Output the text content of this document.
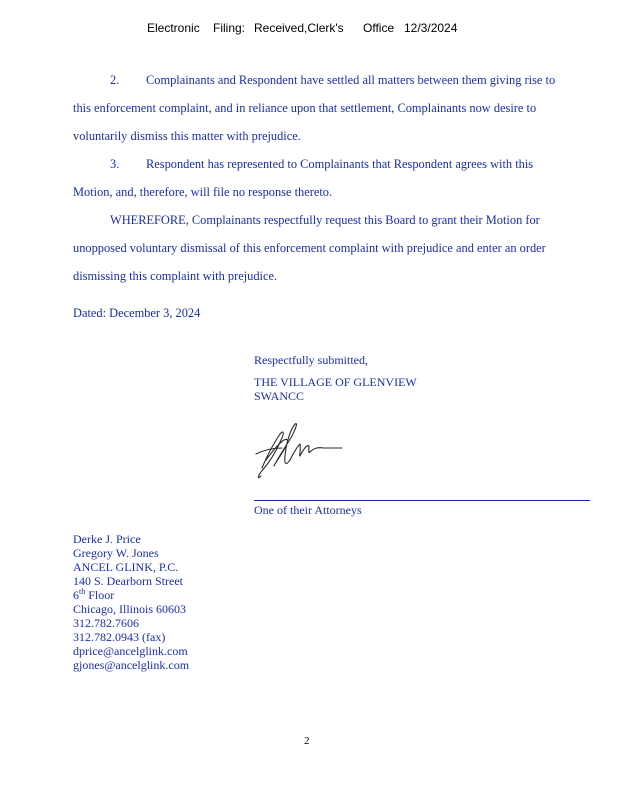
Electronic Filing: Received,Clerk's Office 12/3/2024
2. Complainants and Respondent have settled all matters between them giving rise to
this enforcement complaint, and in reliance upon that settlement, Complainants now desire to
voluntarily dismiss this matter with prejudice.
3. Respondent has represented to Complainants that Respondent agrees with this
Motion, and, therefore, will file no response thereto.
WHEREFORE, Complainants respectfully request this Board to grant their Motion for
unopposed voluntary dismissal of this enforcement complaint with prejudice and enter an order
dismissing this complaint with prejudice.
Dated: December 3, 2024
Respectfully submitted,
THE VILLAGE OF GLENVIEW
SWANCC
One of their Attorneys
Derke J. Price
Gregory W. Jones
ANCEL GLINK, P.C.
140 S. Dearborn Street
6th Floor
Chicago, Illinois 60603
312.782.7606
312.782.0943 (fax)
dprice@ancelglink.com
gjones@ancelglink.com
2
